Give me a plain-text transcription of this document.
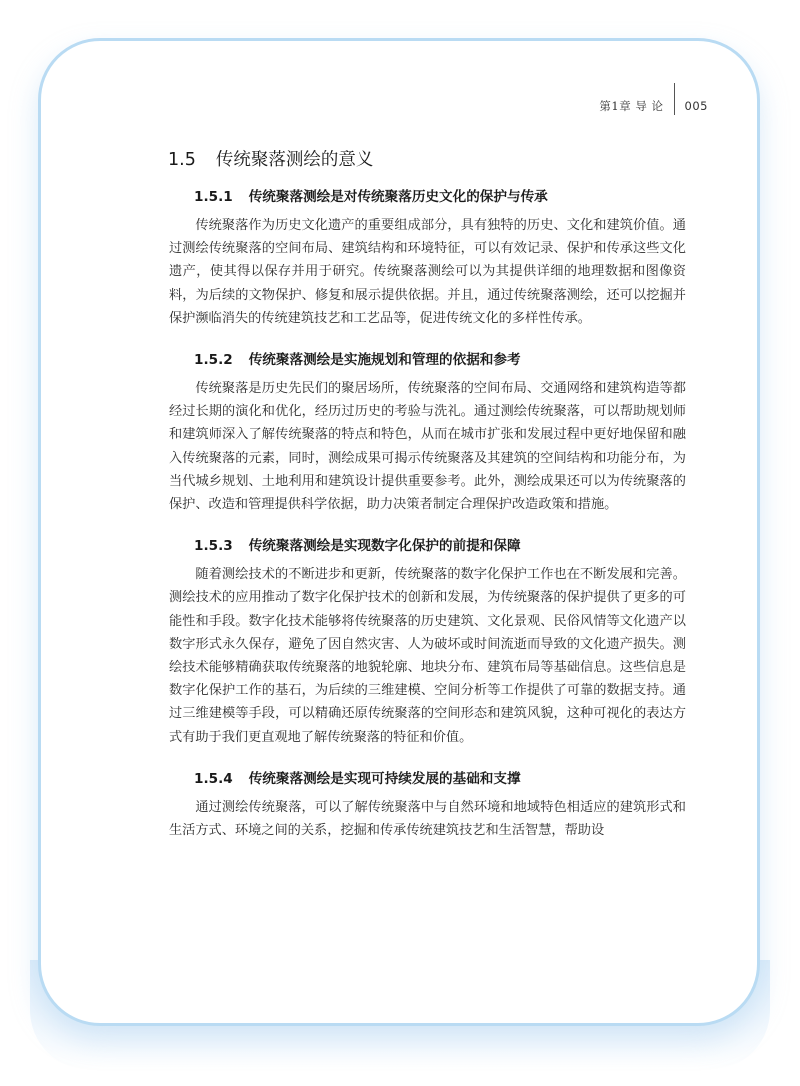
第1章 导 论 005
1.5 传统聚落测绘的意义
1.5.1 传统聚落测绘是对传统聚落历史文化的保护与传承

传统聚落作为历史文化遗产的重要组成部分，具有独特的历史、文化和建筑价值。通过测绘传统聚落的空间布局、建筑结构和环境特征，可以有效记录、保护和传承这些文化遗产，使其得以保存并用于研究。传统聚落测绘可以为其提供详细的地理数据和图像资料，为后续的文物保护、修复和展示提供依据。并且，通过传统聚落测绘，还可以挖掘并保护濒临消失的传统建筑技艺和工艺品等，促进传统文化的多样性传承。

1.5.2 传统聚落测绘是实施规划和管理的依据和参考

传统聚落是历史先民们的聚居场所，传统聚落的空间布局、交通网络和建筑构造等都经过长期的演化和优化，经历过历史的考验与洗礼。通过测绘传统聚落，可以帮助规划师和建筑师深入了解传统聚落的特点和特色，从而在城市扩张和发展过程中更好地保留和融入传统聚落的元素，同时，测绘成果可揭示传统聚落及其建筑的空间结构和功能分布，为当代城乡规划、土地利用和建筑设计提供重要参考。此外，测绘成果还可以为传统聚落的保护、改造和管理提供科学依据，助力决策者制定合理保护改造政策和措施。

1.5.3 传统聚落测绘是实现数字化保护的前提和保障

随着测绘技术的不断进步和更新，传统聚落的数字化保护工作也在不断发展和完善。测绘技术的应用推动了数字化保护技术的创新和发展，为传统聚落的保护提供了更多的可能性和手段。数字化技术能够将传统聚落的历史建筑、文化景观、民俗风情等文化遗产以数字形式永久保存，避免了因自然灾害、人为破坏或时间流逝而导致的文化遗产损失。测绘技术能够精确获取传统聚落的地貌轮廓、地块分布、建筑布局等基础信息。这些信息是数字化保护工作的基石，为后续的三维建模、空间分析等工作提供了可靠的数据支持。通过三维建模等手段，可以精确还原传统聚落的空间形态和建筑风貌，这种可视化的表达方式有助于我们更直观地了解传统聚落的特征和价值。

1.5.4 传统聚落测绘是实现可持续发展的基础和支撑

通过测绘传统聚落，可以了解传统聚落中与自然环境和地域特色相适应的建筑形式和生活方式、环境之间的关系，挖掘和传承传统建筑技艺和生活智慧，帮助设
